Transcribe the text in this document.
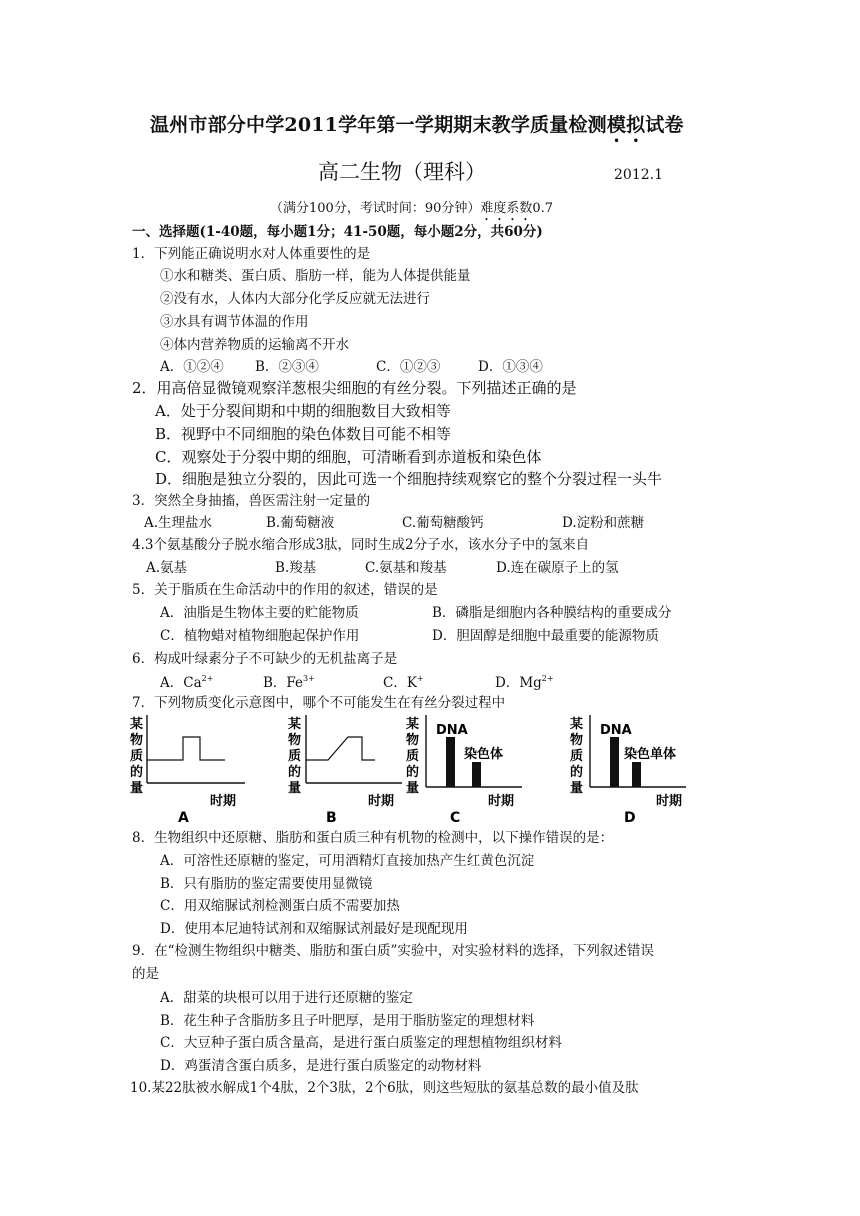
温州市部分中学2011学年第一学期期末教学质量检测模拟试卷
高二生物（理科）	2012.1
（满分100分，考试时间：90分钟）难度系数0.7
一、选择题(1-40题，每小题1分；41-50题，每小题2分，共60分)
1．下列能正确说明水对人体重要性的是
①水和糖类、蛋白质、脂肪一样，能为人体提供能量
②没有水，人体内大部分化学反应就无法进行
③水具有调节体温的作用
④体内营养物质的运输离不开水
A．①②④ B．②③④	C．①②③	D．①③④
2．用高倍显微镜观察洋葱根尖细胞的有丝分裂。下列描述正确的是
A．处于分裂间期和中期的细胞数目大致相等
B．视野中不同细胞的染色体数目可能不相等
C．观察处于分裂中期的细胞，可清晰看到赤道板和染色体
D．细胞是独立分裂的，因此可选一个细胞持续观察它的整个分裂过程一头牛
3．突然全身抽搐，兽医需注射一定量的
A.生理盐水	B.葡萄糖液	C.葡萄糖酸钙	D.淀粉和蔗糖
4.3个氨基酸分子脱水缩合形成3肽，同时生成2分子水，该水分子中的氢来自
A.氨基	B.羧基	C.氨基和羧基	D.连在碳原子上的氢
5．关于脂质在生命活动中的作用的叙述，错误的是
A．油脂是生物体主要的贮能物质	B．磷脂是细胞内各种膜结构的重要成分
C．植物蜡对植物细胞起保护作用	D．胆固醇是细胞中最重要的能源物质
6．构成叶绿素分子不可缺少的无机盐离子是
A．$Ca^{2+}$	B．$Fe^{3+}$	C．K+	D．$Mg^{2+}$
7．下列物质变化示意图中，哪个不可能发生在有丝分裂过程中
某
物
质
的
量
时期
A
某
物
质
的
量
时期
B
某
物
质
的
量
DNA
染色体
时期
C
某
物
质
的
量
DNA
染色单体
时期
D
8．生物组织中还原糖、脂肪和蛋白质三种有机物的检测中，以下操作错误的是：
A．可溶性还原糖的鉴定，可用酒精灯直接加热产生红黄色沉淀
B．只有脂肪的鉴定需要使用显微镜
C．用双缩脲试剂检测蛋白质不需要加热
D．使用本尼迪特试剂和双缩脲试剂最好是现配现用
9．在“检测生物组织中糖类、脂肪和蛋白质”实验中，对实验材料的选择，下列叙述错误
的是
A．甜菜的块根可以用于进行还原糖的鉴定
B．花生种子含脂肪多且子叶肥厚，是用于脂肪鉴定的理想材料
C．大豆种子蛋白质含量高，是进行蛋白质鉴定的理想植物组织材料
D．鸡蛋清含蛋白质多，是进行蛋白质鉴定的动物材料
10.某22肽被水解成1个4肽，2个3肽，2个6肽，则这些短肽的氨基总数的最小值及肽
